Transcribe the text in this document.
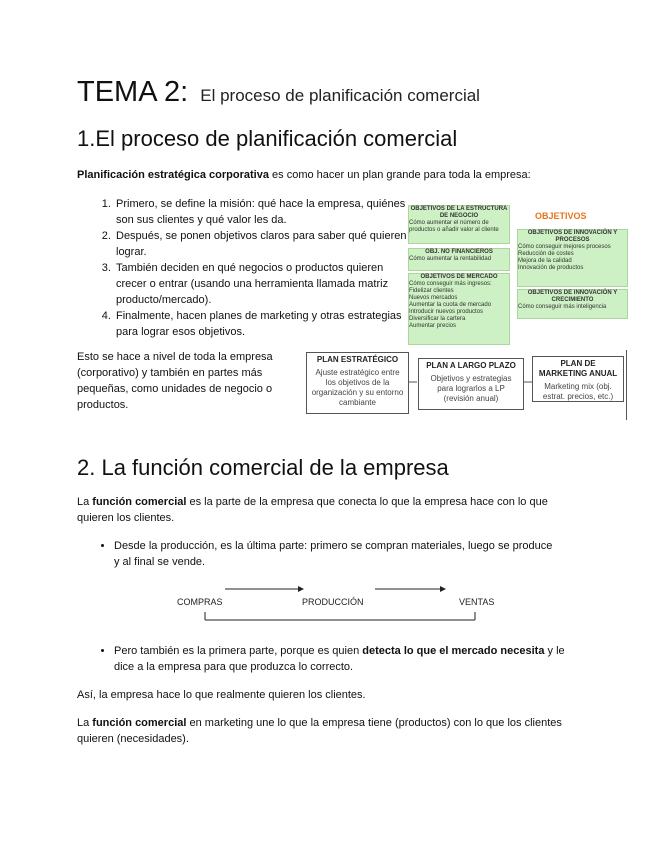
TEMA 2: El proceso de planificación comercial
1.El proceso de planificación comercial

Planificación estratégica corporativa es como hacer un plan grande para toda la empresa:

1. Primero, se define la misión: qué hace la empresa, quiénes son sus clientes y qué valor les da.
2. Después, se ponen objetivos claros para saber qué quieren lograr.
3. También deciden en qué negocios o productos quieren crecer o entrar (usando una herramienta llamada matriz producto/mercado).
4. Finalmente, hacen planes de marketing y otras estrategias para lograr esos objetivos.

Esto se hace a nivel de toda la empresa (corporativo) y también en partes más pequeñas, como unidades de negocio o productos.

OBJETIVOS DE LA ESTRUCTURA DE NEGOCIO
Cómo aumentar el número de productos o añadir valor al cliente
OBJETIVOS
OBJ. NO FINANCIEROS
Cómo aumentar la rentabilidad
OBJETIVOS DE MERCADO
Cómo conseguir más ingresos:
Fidelizar clientes
Nuevos mercados
Aumentar la cuota de mercado
Introducir nuevos productos
Diversificar la cartera
Aumentar precios
OBJETIVOS DE INNOVACIÓN Y PROCESOS
Cómo conseguir mejores procesos
Reducción de costes
Mejora de la calidad
Innovación de productos
OBJETIVOS DE INNOVACIÓN Y CRECIMIENTO
Cómo conseguir más inteligencia
PLAN ESTRATÉGICO
Ajuste estratégico entre los objetivos de la organización y su entorno cambiante
PLAN A LARGO PLAZO
Objetivos y estrategias para lograrlos a LP (revisión anual)
PLAN DE MARKETING ANUAL
Marketing mix (obj. estrat. precios, etc.)
2. La función comercial de la empresa

La función comercial es la parte de la empresa que conecta lo que la empresa hace con lo que quieren los clientes.

• Desde la producción, es la última parte: primero se compran materiales, luego se produce y al final se vende.
COMPRAS	PRODUCCIÓN	VENTAS
• Pero también es la primera parte, porque es quien detecta lo que el mercado necesita y le dice a la empresa para que produzca lo correcto.

Así, la empresa hace lo que realmente quieren los clientes.

La función comercial en marketing une lo que la empresa tiene (productos) con lo que los clientes quieren (necesidades).
